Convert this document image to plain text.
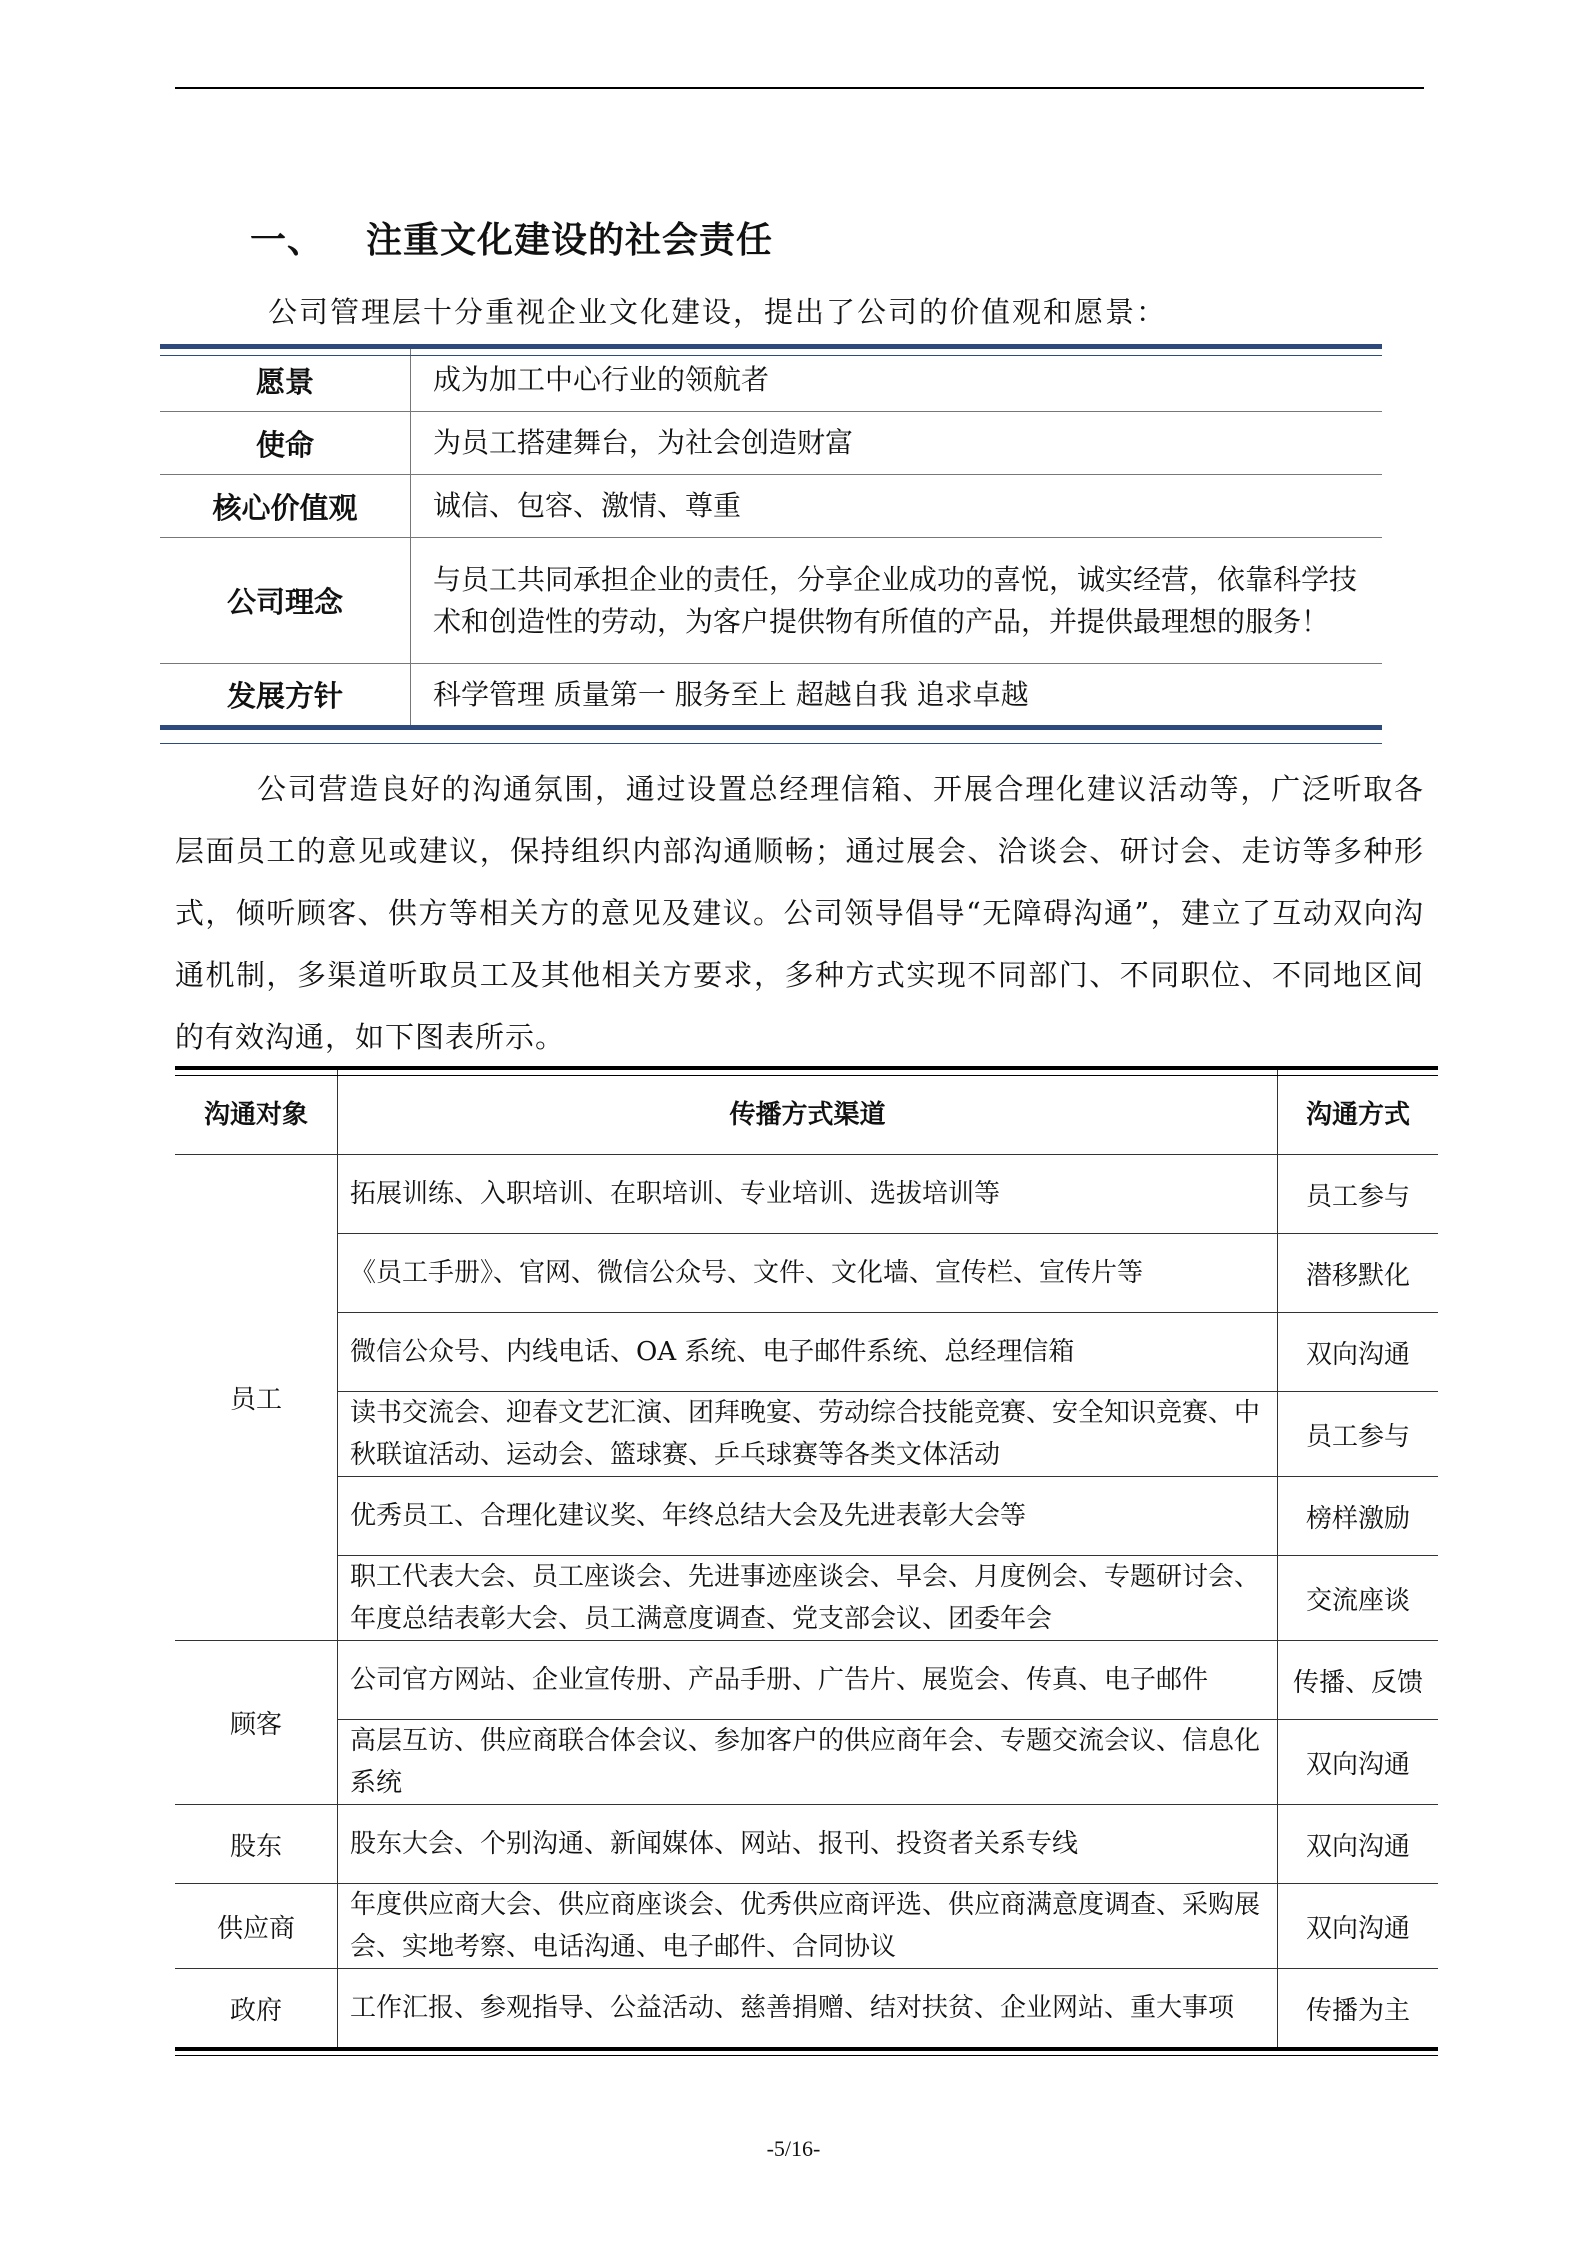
一、 注重文化建设的社会责任
公司管理层十分重视企业文化建设，提出了公司的价值观和愿景：
愿景	成为加工中心行业的领航者
使命	为员工搭建舞台，为社会创造财富
核心价值观	诚信、包容、激情、尊重
公司理念	与员工共同承担企业的责任，分享企业成功的喜悦，诚实经营，依靠科学技术和创造性的劳动，为客户提供物有所值的产品，并提供最理想的服务！
发展方针	科学管理 质量第一 服务至上 超越自我 追求卓越
公司营造良好的沟通氛围，通过设置总经理信箱、开展合理化建议活动等，广泛听取各层面员工的意见或建议，保持组织内部沟通顺畅；通过展会、洽谈会、研讨会、走访等多种形式，倾听顾客、供方等相关方的意见及建议。公司领导倡导“无障碍沟通”，建立了互动双向沟通机制，多渠道听取员工及其他相关方要求，多种方式实现不同部门、不同职位、不同地区间的有效沟通，如下图表所示。
沟通对象	传播方式渠道	沟通方式
员工	拓展训练、入职培训、在职培训、专业培训、选拔培训等	员工参与
	《员工手册》、官网、微信公众号、文件、文化墙、宣传栏、宣传片等	潜移默化
	微信公众号、内线电话、OA 系统、电子邮件系统、总经理信箱	双向沟通
	读书交流会、迎春文艺汇演、团拜晚宴、劳动综合技能竞赛、安全知识竞赛、中秋联谊活动、运动会、篮球赛、乒乓球赛等各类文体活动	员工参与
	优秀员工、合理化建议奖、年终总结大会及先进表彰大会等	榜样激励
	职工代表大会、员工座谈会、先进事迹座谈会、早会、月度例会、专题研讨会、年度总结表彰大会、员工满意度调查、党支部会议、团委年会	交流座谈
顾客	公司官方网站、企业宣传册、产品手册、广告片、展览会、传真、电子邮件	传播、反馈
	高层互访、供应商联合体会议、参加客户的供应商年会、专题交流会议、信息化系统	双向沟通
股东	股东大会、个别沟通、新闻媒体、网站、报刊、投资者关系专线	双向沟通
供应商	年度供应商大会、供应商座谈会、优秀供应商评选、供应商满意度调查、采购展会、实地考察、电话沟通、电子邮件、合同协议	双向沟通
政府	工作汇报、参观指导、公益活动、慈善捐赠、结对扶贫、企业网站、重大事项	传播为主
-5/16-
